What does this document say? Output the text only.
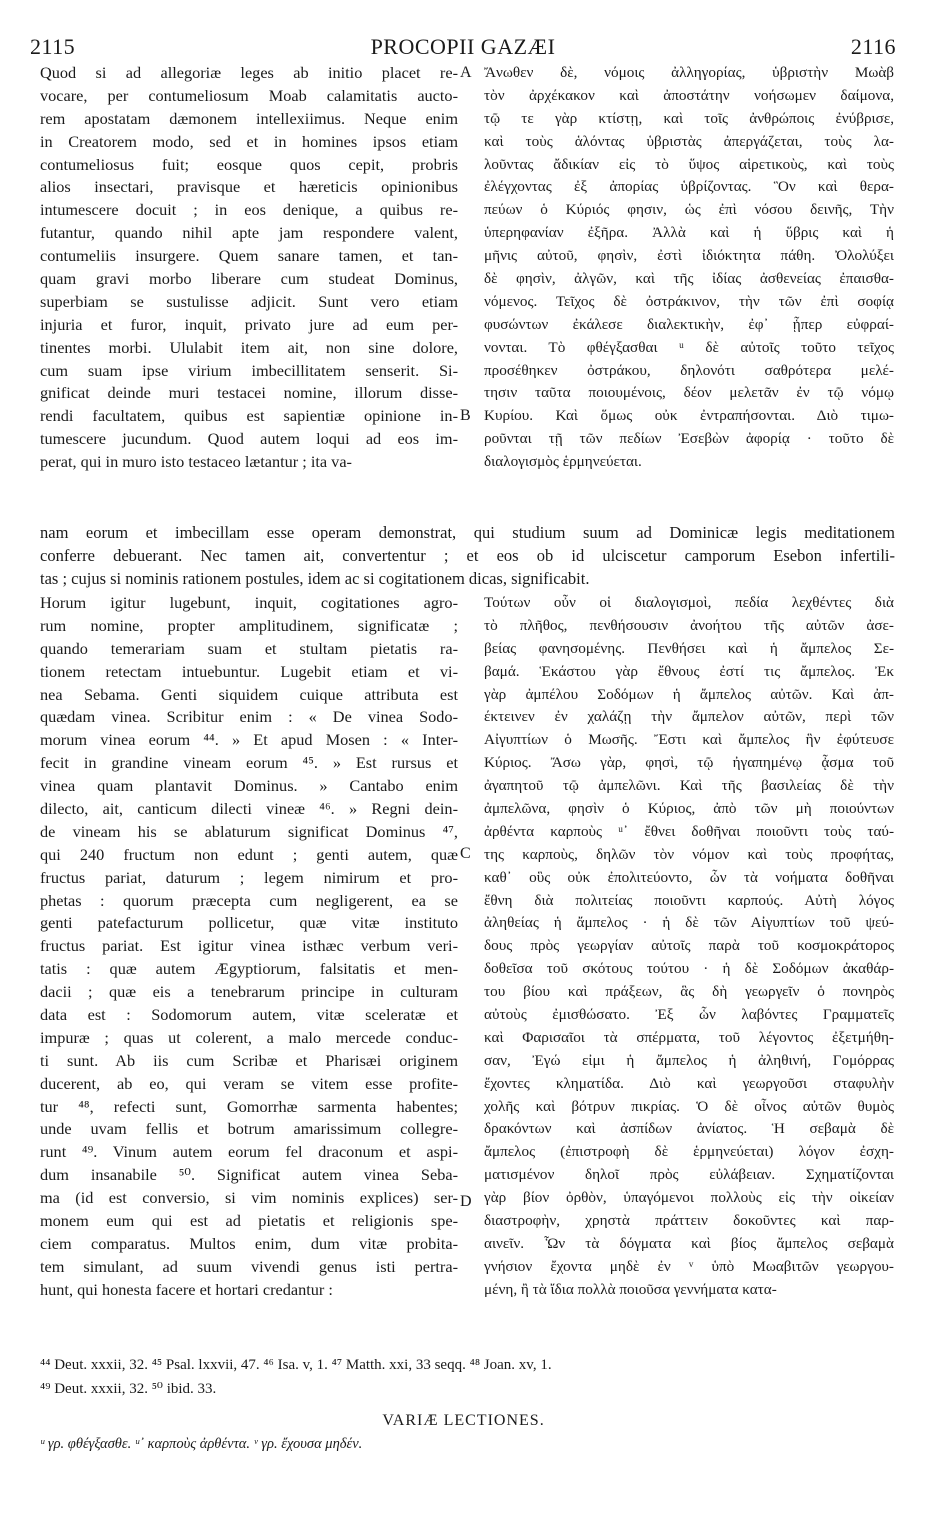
2115	PROCOPII GAZÆI	2116
Quod si ad allegoriæ leges ab initio placet re-
vocare, per contumeliosum Moab calamitatis aucto-
rem apostatam dæmonem intellexiimus. Neque enim
in Creatorem modo, sed et in homines ipsos etiam
contumeliosus fuit; eosque quos cepit, probris
alios insectari, pravisque et hæreticis opinionibus
intumescere docuit ; in eos denique, a quibus re-
futantur, quando nihil apte jam respondere valent,
contumeliis insurgere. Quem sanare tamen, et tan-
quam gravi morbo liberare cum studeat Dominus,
superbiam se sustulisse adjicit. Sunt vero etiam
injuria et furor, inquit, privato jure ad eum per-
tinentes morbi. Ululabit item ait, non sine dolore,
cum suam ipse virium imbecillitatem senserit. Si-
gnificat deinde muri testacei nomine, illorum disse-
rendi facultatem, quibus est sapientiæ opinione in-
tumescere jucundum. Quod autem loqui ad eos im-
perat, qui in muro isto testaceo lætantur ; ita va-
Ἄνωθεν δὲ, νόμοις ἀλληγορίας, ὑβριστὴν Μωὰβ
τὸν ἀρχέκακον καὶ ἀποστάτην νοήσωμεν δαίμονα,
τῷ τε γὰρ κτίστῃ, καὶ τοῖς ἀνθρώποις ἐνύβρισε,
καὶ τοὺς ἁλόντας ὑβριστὰς ἀπεργάζεται, τοὺς λα-
λοῦντας ἄδικίαν εἰς τὸ ὕψος αἱρετικοὺς, καὶ τοὺς
ἐλέγχοντας ἐξ ἀπορίας ὑβρίζοντας. Ὃν καὶ θερα-
πεύων ὁ Κύριός φησιν, ὡς ἐπὶ νόσου δεινῆς, Τὴν
ὑπερηφανίαν ἐξῆρα. Ἀλλὰ καὶ ἡ ὕβρις καὶ ἡ
μῆνις αὐτοῦ, φησὶν, ἐστὶ ἰδιόκτητα πάθη. Ὀλολύξει
δὲ φησὶν, ἀλγῶν, καὶ τῆς ἰδίας ἀσθενείας ἐπαισθα-
νόμενος. Τεῖχος δὲ ὀστράκινον, τὴν τῶν ἐπὶ σοφίᾳ
φυσώντων ἐκάλεσε διαλεκτικὴν, ἐφ᾽ ᾗπερ εὐφραί-
νονται. Τὸ φθέγξασθαι ᵘ δὲ αὐτοῖς τοῦτο τεῖχος
προσέθηκεν ὀστράκου, δηλονότι σαθρότερα μελέ-
τησιν ταῦτα ποιουμένοις, δέον μελετᾶν ἐν τῷ νόμῳ
Κυρίου. Καὶ ὅμως οὐκ ἐντραπήσονται. Διὸ τιμω-
ροῦνται τῇ τῶν πεδίων Ἐσεβὼν ἀφορίᾳ · τοῦτο δὲ
διαλογισμὸς ἑρμηνεύεται.
nam eorum et imbecillam esse operam demonstrat, qui studium suum ad Dominicæ legis meditationem
conferre debuerant. Nec tamen ait, convertentur ; et eos ob id ulciscetur camporum Esebon infertili-
tas ; cujus si nominis rationem postules, idem ac si cogitationem dicas, significabit.
Horum igitur lugebunt, inquit, cogitationes agro-
rum nomine, propter amplitudinem, significatæ ;
quando temerariam suam et stultam pietatis ra-
tionem retectam intuebuntur. Lugebit etiam et vi-
nea Sebama. Genti siquidem cuique attributa est
quædam vinea. Scribitur enim : « De vinea Sodo-
morum vinea eorum ⁴⁴. » Et apud Mosen : « Inter-
fecit in grandine vineam eorum ⁴⁵. » Est rursus et
vinea quam plantavit Dominus. » Cantabo enim
dilecto, ait, canticum dilecti vineæ ⁴⁶. » Regni dein-
de vineam his se ablaturum significat Dominus ⁴⁷,
qui 240 fructum non edunt ; genti autem, quæ
fructus pariat, daturum ; legem nimirum et pro-
phetas : quorum præcepta cum negligerent, ea se
genti patefacturum pollicetur, quæ vitæ instituto
fructus pariat. Est igitur vinea isthæc verbum veri-
tatis : quæ autem Ægyptiorum, falsitatis et men-
dacii ; quæ eis a tenebrarum principe in culturam
data est : Sodomorum autem, vitæ sceleratæ et
impuræ ; quas ut colerent, a malo mercede conduc-
ti sunt. Ab iis cum Scribæ et Pharisæi originem
ducerent, ab eo, qui veram se vitem esse profite-
tur ⁴⁸, refecti sunt, Gomorrhæ sarmenta habentes;
unde uvam fellis et botrum amarissimum collegre-
runt ⁴⁹. Vinum autem eorum fel draconum et aspi-
dum insanabile ⁵⁰. Significat autem vinea Seba-
ma (id est conversio, si vim nominis explices) ser-
monem eum qui est ad pietatis et religionis spe-
ciem comparatus. Multos enim, dum vitæ probita-
tem simulant, ad suum vivendi genus isti pertra-
hunt, qui honesta facere et hortari credantur :
Τούτων οὖν οἱ διαλογισμοὶ, πεδία λεχθέντες διὰ
τὸ πλῆθος, πενθήσουσιν ἀνοήτου τῆς αὐτῶν ἀσε-
βείας φανησομένης. Πενθήσει καὶ ἡ ἄμπελος Σε-
βαμά. Ἑκάστου γὰρ ἔθνους ἐστί τις ἄμπελος. Ἐκ
γὰρ ἀμπέλου Σοδόμων ἡ ἄμπελος αὐτῶν. Καὶ ἀπ-
έκτεινεν ἐν χαλάζῃ τὴν ἄμπελον αὐτῶν, περὶ τῶν
Αἰγυπτίων ὁ Μωσῆς. Ἔστι καὶ ἄμπελος ἣν ἐφύτευσε
Κύριος. Ἄσω γὰρ, φησὶ, τῷ ἠγαπημένῳ ᾆσμα τοῦ
ἀγαπητοῦ τῷ ἀμπελῶνι. Καὶ τῆς βασιλείας δὲ τὴν
ἀμπελῶνα, φησὶν ὁ Κύριος, ἀπὸ τῶν μὴ ποιούντων
ἀρθέντα καρποὺς ᵘ᾽ ἔθνει δοθῆναι ποιοῦντι τοὺς ταύ-
της καρποὺς, δηλῶν τὸν νόμον καὶ τοὺς προφήτας,
καθ᾽ οὓς οὐκ ἐπολιτεύοντο, ὧν τὰ νοήματα δοθῆναι
ἔθνη διὰ πολιτείας ποιοῦντι καρπούς. Αὐτὴ λόγος
ἀληθείας ἡ ἄμπελος · ἡ δὲ τῶν Αἰγυπτίων τοῦ ψεύ-
δους πρὸς γεωργίαν αὐτοῖς παρὰ τοῦ κοσμοκράτορος
δοθεῖσα τοῦ σκότους τούτου · ἡ δὲ Σοδόμων ἀκαθάρ-
του βίου καὶ πράξεων, ἃς δὴ γεωργεῖν ὁ πονηρὸς
αὐτοὺς ἐμισθώσατο. Ἐξ ὧν λαβόντες Γραμματεῖς
καὶ Φαρισαῖοι τὰ σπέρματα, τοῦ λέγοντος ἐξετμήθη-
σαν, Ἐγώ εἰμι ἡ ἄμπελος ἡ ἀληθινή, Γομόρρας
ἔχοντες κληματίδα. Διὸ καὶ γεωργοῦσι σταφυλὴν
χολῆς καὶ βότρυν πικρίας. Ὁ δὲ οἶνος αὐτῶν θυμὸς
δρακόντων καὶ ἀσπίδων ἀνίατος. Ἡ σεβαμὰ δὲ
ἄμπελος (ἐπιστροφὴ δὲ ἑρμηνεύεται) λόγον ἐσχη-
ματισμένον δηλοῖ πρὸς εὐλάβειαν. Σχηματίζονται
γὰρ βίον ὀρθὸν, ὑπαγόμενοι πολλοὺς εἰς τὴν οἰκείαν
διαστροφὴν, χρηστὰ πράττειν δοκοῦντες καὶ παρ-
αινεῖν. Ὧν τὰ δόγματα καὶ βίος ἄμπελος σεβαμὰ
γνήσιον ἔχοντα μηδὲ ἐν ᵛ ὑπὸ Μωαβιτῶν γεωργου-
μένη, ἢ τὰ ἴδια πολλὰ ποιοῦσα γεννήματα κατα-
A
B
C
D
⁴⁴ Deut. xxxii, 32. ⁴⁵ Psal. lxxvii, 47. ⁴⁶ Isa. v, 1. ⁴⁷ Matth. xxi, 33 seqq. ⁴⁸ Joan. xv, 1.
⁴⁹ Deut. xxxii, 32. ⁵⁰ ibid. 33.
VARIÆ LECTIONES.
ᵘ γρ. φθέγξασθε. ᵘ᾽ καρποὺς ἀρθέντα. ᵛ γρ. ἔχουσα μηδέν.
